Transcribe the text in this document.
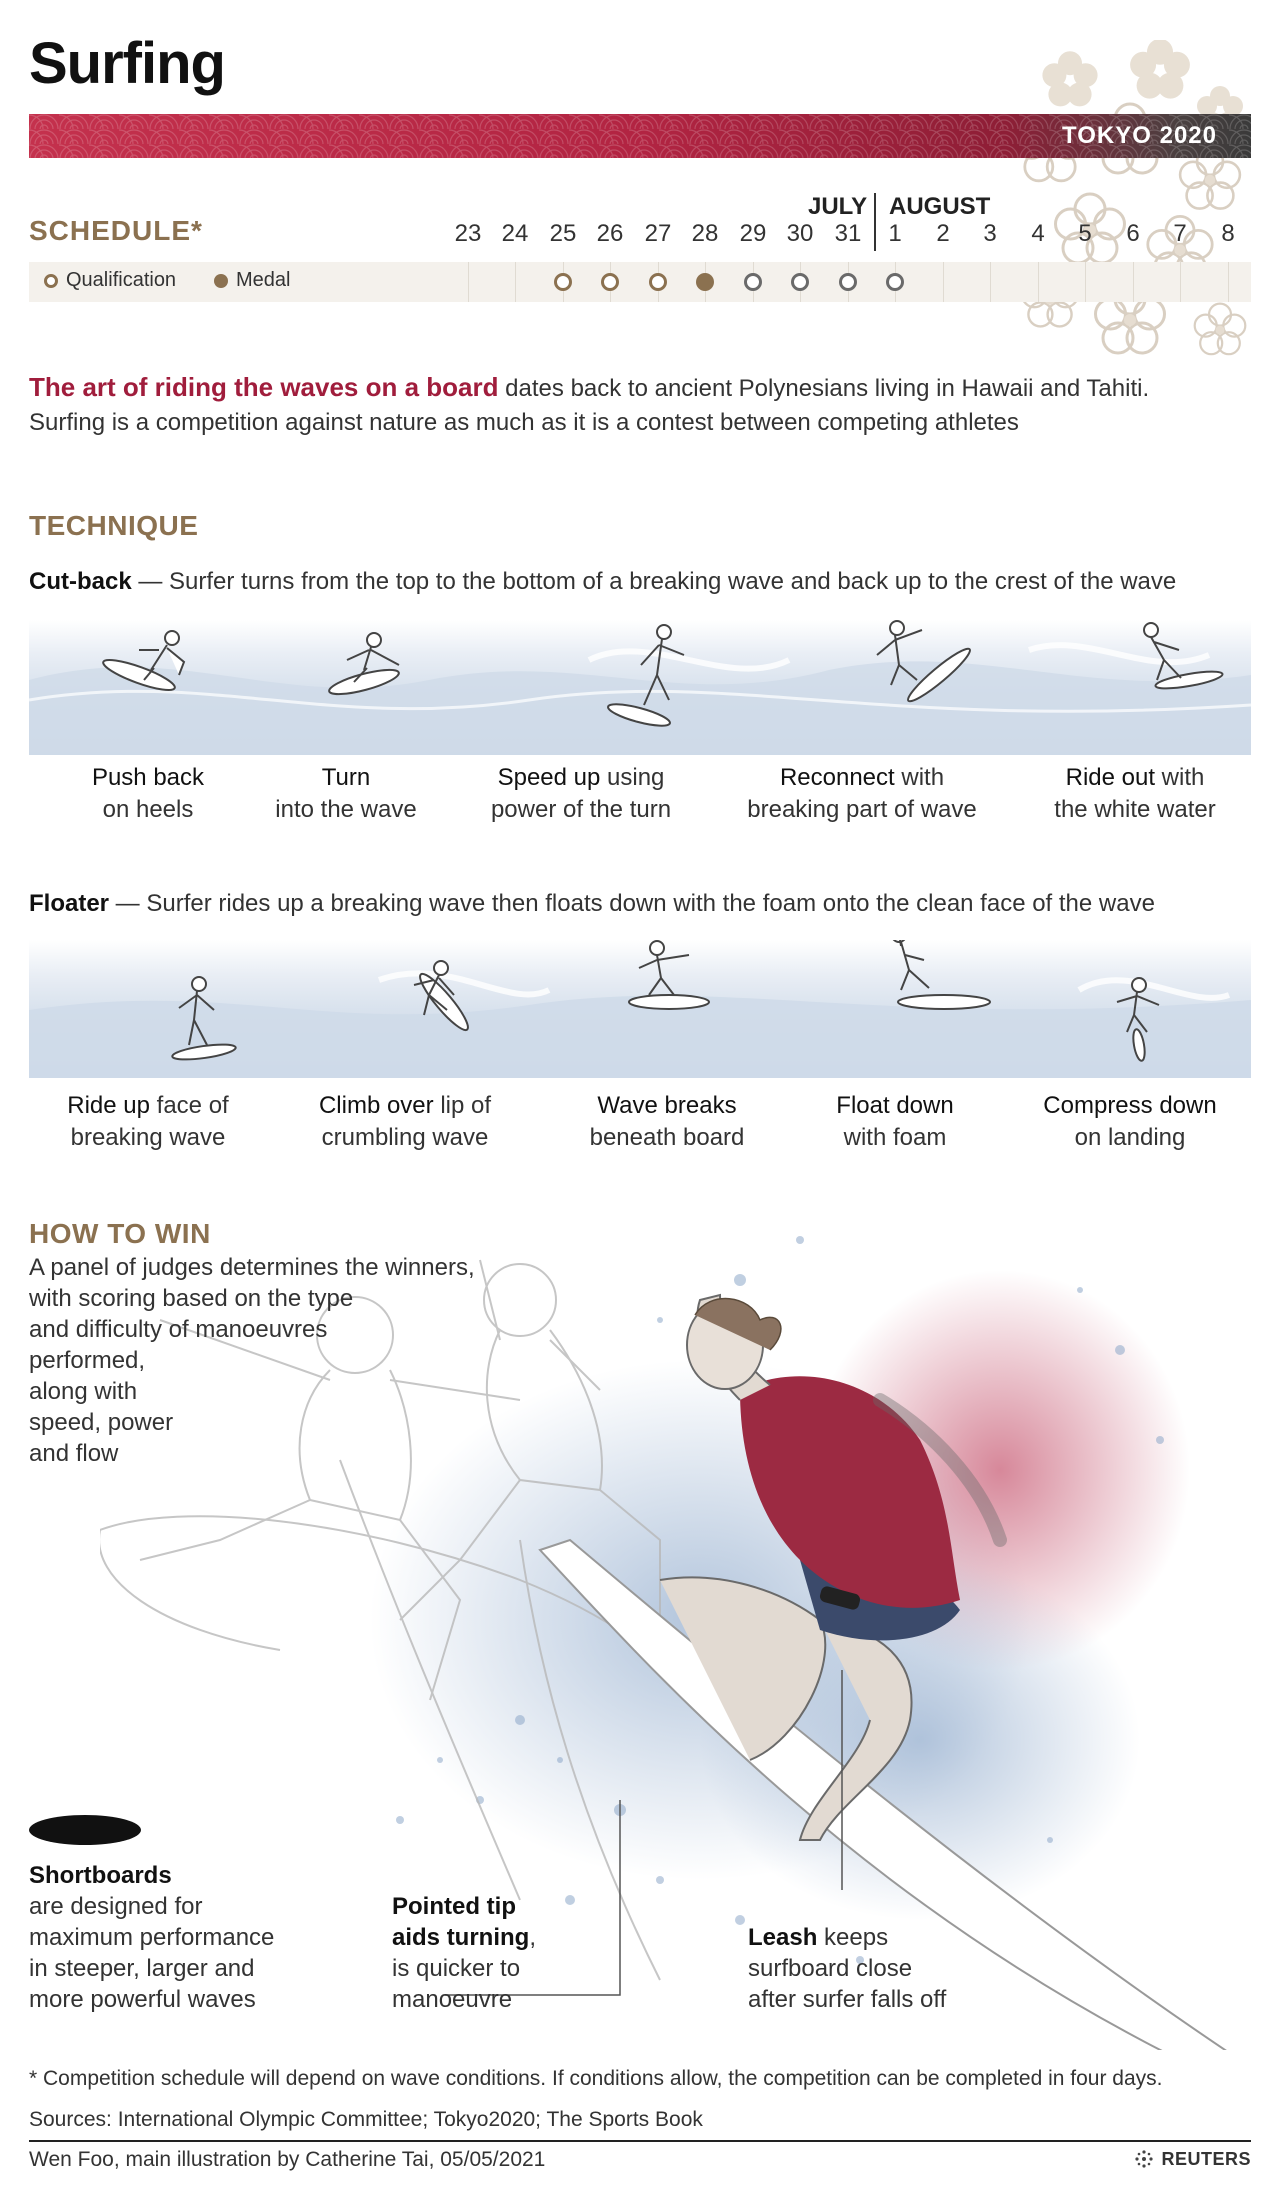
Surfing
TOKYO 2020
SCHEDULE*
JULY AUGUST
23 24 25 26 27 28 29 30 31	1	2	3	4	5	6	7	8
Qualification	Medal
The art of riding the waves on a board dates back to ancient Polynesians living in Hawaii and Tahiti.
Surfing is a competition against nature as much as it is a contest between competing athletes
TECHNIQUE
Cut-back — Surfer turns from the top to the bottom of a breaking wave and back up to the crest of the wave
Push back
on heels
Turn
into the wave
Speed up using
power of the turn
Reconnect with
breaking part of wave
Ride out with
the white water
Floater — Surfer rides up a breaking wave then floats down with the foam onto the clean face of the wave
Ride up face of
breaking wave
Climb over lip of
crumbling wave
Wave breaks
beneath board
Float down
with foam
Compress down
on landing
HOW TO WIN
A panel of judges determines the winners,
with scoring based on the type
and difficulty of manoeuvres
performed,
along with
speed, power
and flow
Shortboards
are designed for
maximum performance
in steeper, larger and
more powerful waves
Pointed tip
aids turning,
is quicker to
manoeuvre
Leash keeps
surfboard close
after surfer falls off
* Competition schedule will depend on wave conditions. If conditions allow, the competition can be completed in four days.
Sources: International Olympic Committee; Tokyo2020; The Sports Book
Wen Foo, main illustration by Catherine Tai, 05/05/2021	REUTERS
